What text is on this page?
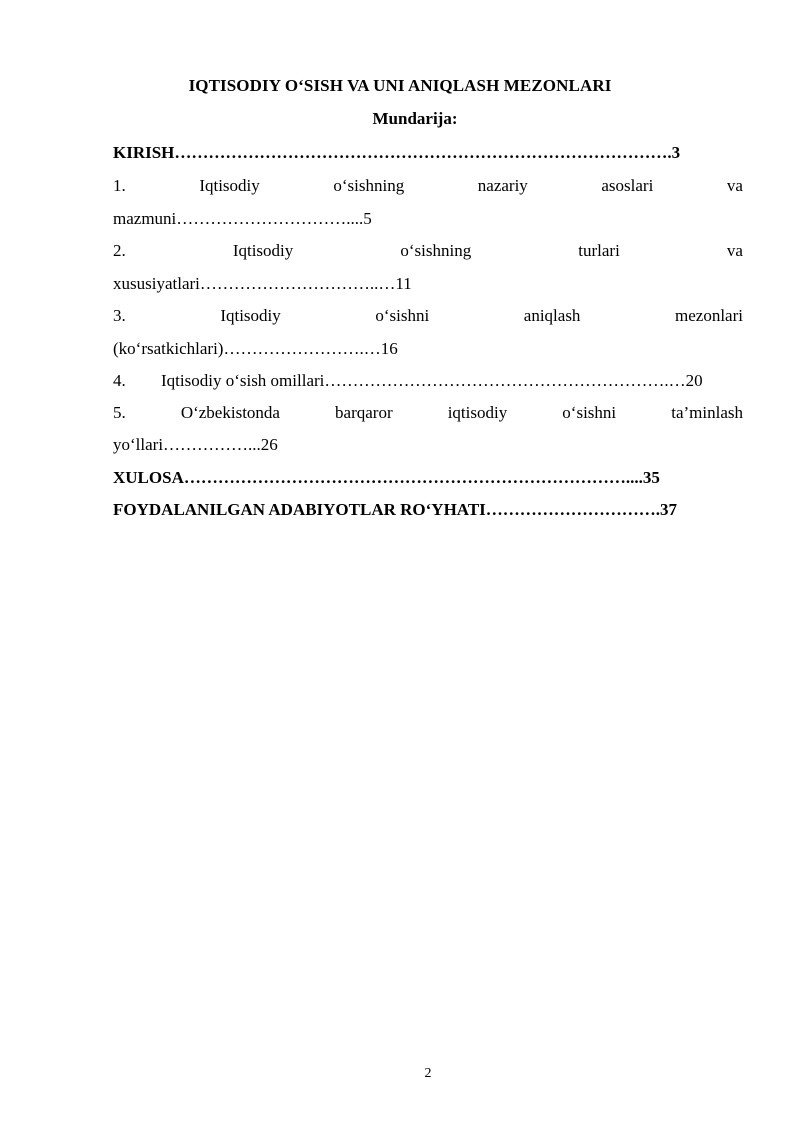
IQTISODIY O‘SISH VA UNI ANIQLASH MEZONLARI
Mundarija:
KIRISH ……………………………………………………………………………. 3
1.	Iqtisodiy	o‘sishning	nazariy	asoslari	va
mazmuni…………………………....5
2.	Iqtisodiy	o‘sishning	turlari	va
xususiyatlari…………………………..…11
3.	Iqtisodiy	o‘sishni	aniqlash	mezonlari
(ko‘rsatkichlari)…………………….…16
4. Iqtisodiy o‘sish omillari…………………………………………………….…20
5.	O‘zbekistonda	barqaror	iqtisodiy	o‘sishni	ta’minlash
yo‘llari……………...26
XULOSA……………………………………………………………………....35
FOYDALANILGAN ADABIYOTLAR RO‘YHATI………………………….37
2
